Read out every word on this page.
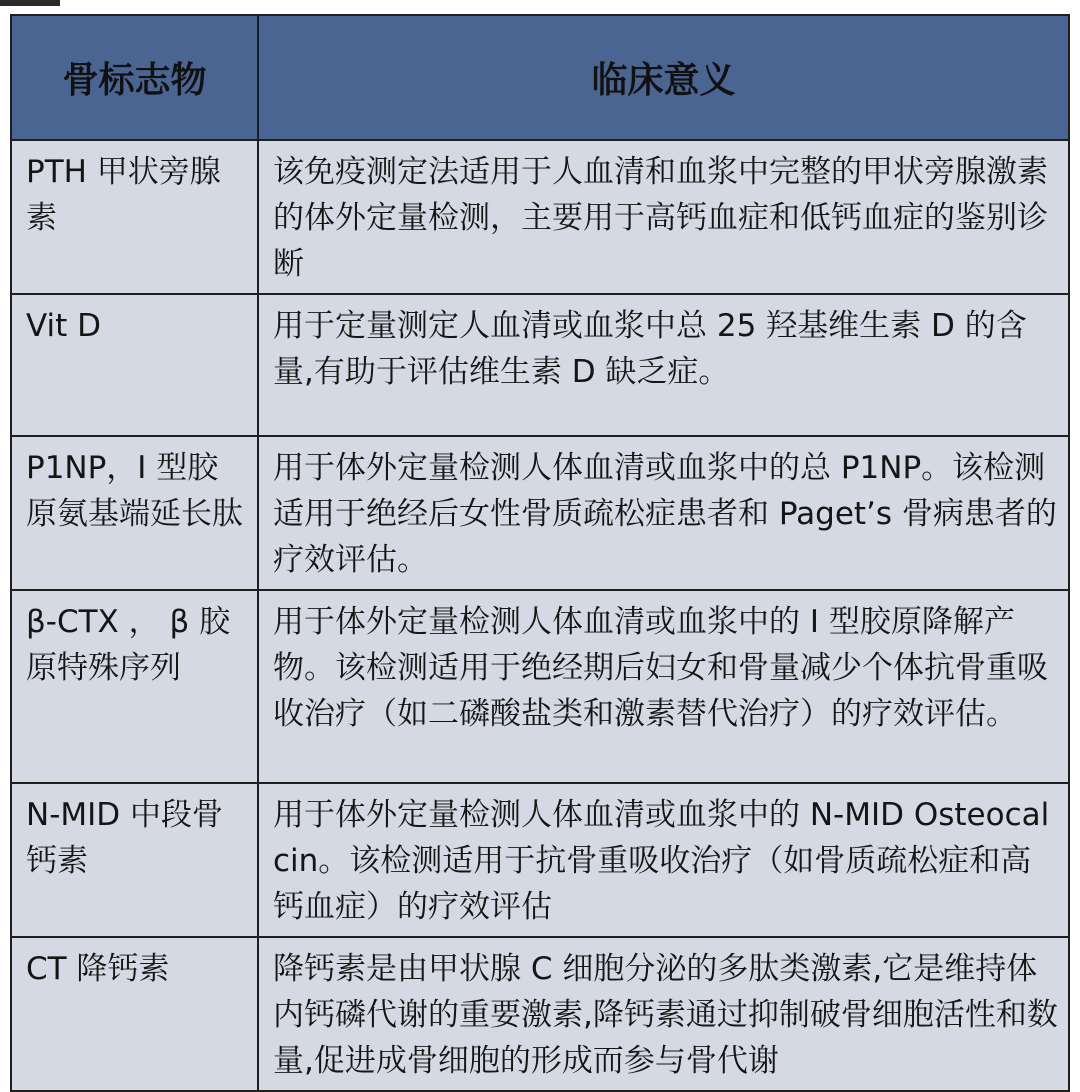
骨标志物	临床意义
PTH 甲状旁腺素	该免疫测定法适用于人血清和血浆中完整的甲状旁腺激素的体外定量检测，主要用于高钙血症和低钙血症的鉴别诊断
Vit D	用于定量测定人血清或血浆中总 25 羟基维生素 D 的含量,有助于评估维生素 D 缺乏症。
P1NP，I 型胶原氨基端延长肽	用于体外定量检测人体血清或血浆中的总 P1NP。该检测适用于绝经后女性骨质疏松症患者和 Paget’s 骨病患者的疗效评估。
β-CTX ， β 胶原特殊序列	用于体外定量检测人体血清或血浆中的 I 型胶原降解产物。该检测适用于绝经期后妇女和骨量减少个体抗骨重吸收治疗（如二磷酸盐类和激素替代治疗）的疗效评估。
N-MID 中段骨钙素	用于体外定量检测人体血清或血浆中的 N-MID Osteocalcin。该检测适用于抗骨重吸收治疗（如骨质疏松症和高钙血症）的疗效评估
CT 降钙素	降钙素是由甲状腺 C 细胞分泌的多肽类激素,它是维持体内钙磷代谢的重要激素,降钙素通过抑制破骨细胞活性和数量,促进成骨细胞的形成而参与骨代谢
